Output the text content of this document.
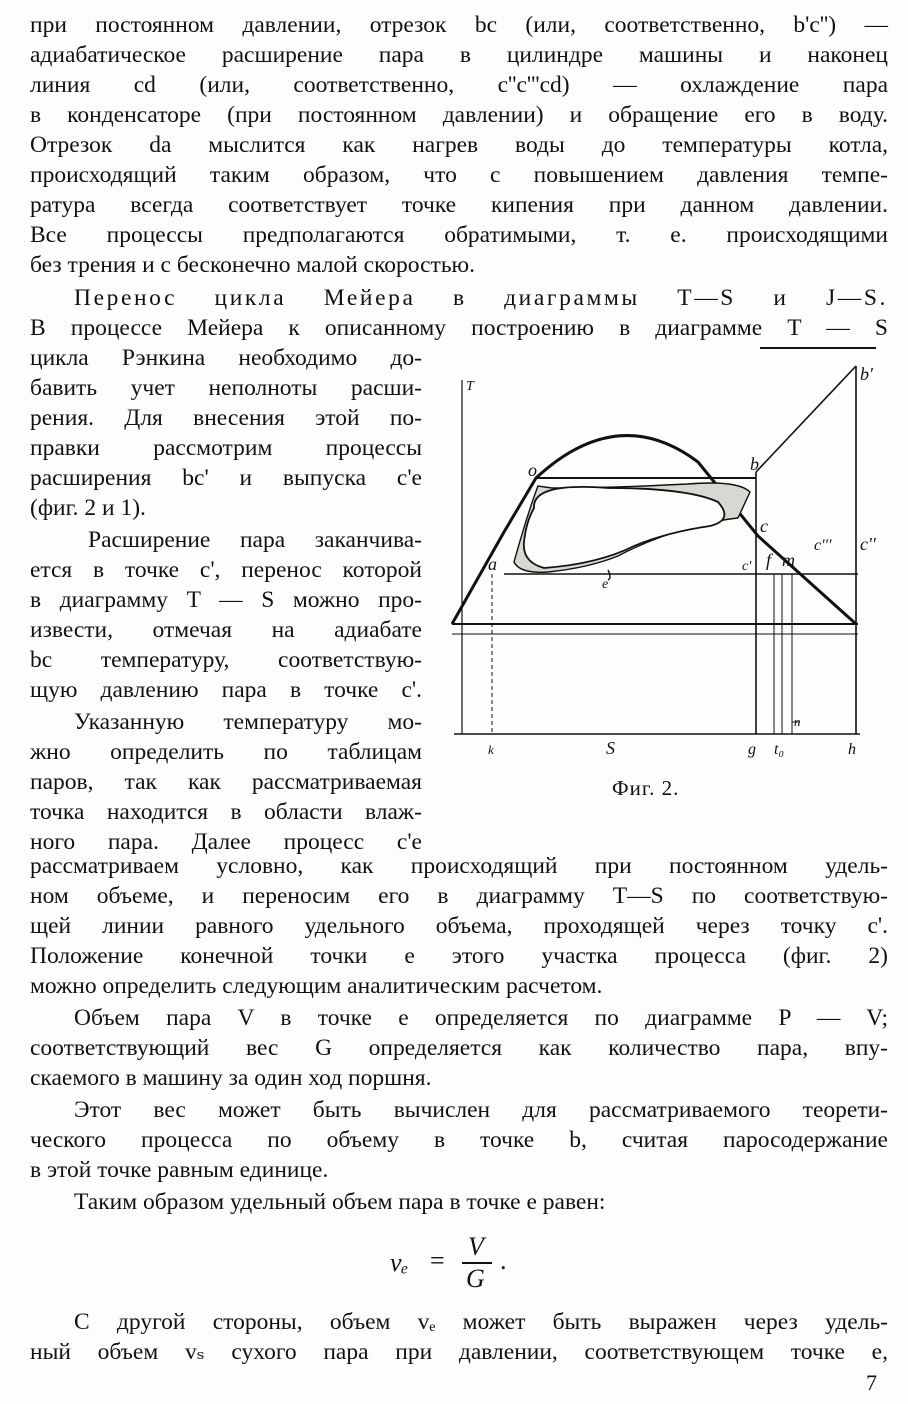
при постоянном давлении, отрезок bc (или, соответственно, b'c'') —
адиабатическое расширение пара в цилиндре машины и наконец
линия cd (или, соответственно, c''c'''cd) — охлаждение пара
в конденсаторе (при постоянном давлении) и обращение его в воду.
Отрезок da мыслится как нагрев воды до температуры котла,
происходящий таким образом, что с повышением давления темпе-
ратура всегда соответствует точке кипения при данном давлении.
Все процессы предполагаются обратимыми, т. е. происходящими
без трения и с бесконечно малой скоростью.
Перенос цикла Мейера в диаграммы T—S и J—S.
В процессе Мейера к описанному построению в диаграмме T — S
цикла Рэнкина необходимо до-
бавить учет неполноты расши-
рения. Для внесения этой по-
правки рассмотрим процессы
расширения bc' и выпуска c'e
(фиг. 2 и 1).
Расширение пара заканчива-
ется в точке c', перенос которой
в диаграмму T — S можно про-
извести, отмечая на адиабате
bc температуру, соответствую-
щую давлению пара в точке c'.
Указанную температуру мо-
жно определить по таблицам
паров, так как рассматриваемая
точка находится в области влаж-
ного пара. Далее процесс c'e
T
o	b
b'
a
e
c
c' f m
c''' c''
n
k	S	g t₀	h
Фиг. 2.
рассматриваем условно, как происходящий при постоянном удель-
ном объеме, и переносим его в диаграмму T—S по соответствую-
щей линии равного удельного объема, проходящей через точку c'.
Положение конечной точки e этого участка процесса (фиг. 2)
можно определить следующим аналитическим расчетом.
Объем пара V в точке e определяется по диаграмме P — V;
соответствующий вес G определяется как количество пара, впу-
скаемого в машину за один ход поршня.
Этот вес может быть вычислен для рассматриваемого теорети-
ческого процесса по объему в точке b, считая паросодержание
в этой точке равным единице.
Таким образом удельный объем пара в точке e равен:
vₑ = V
G
.
С другой стороны, объем vₑ может быть выражен через удель-
ный объем vₛ сухого пара при давлении, соответствующем точке e,
7
